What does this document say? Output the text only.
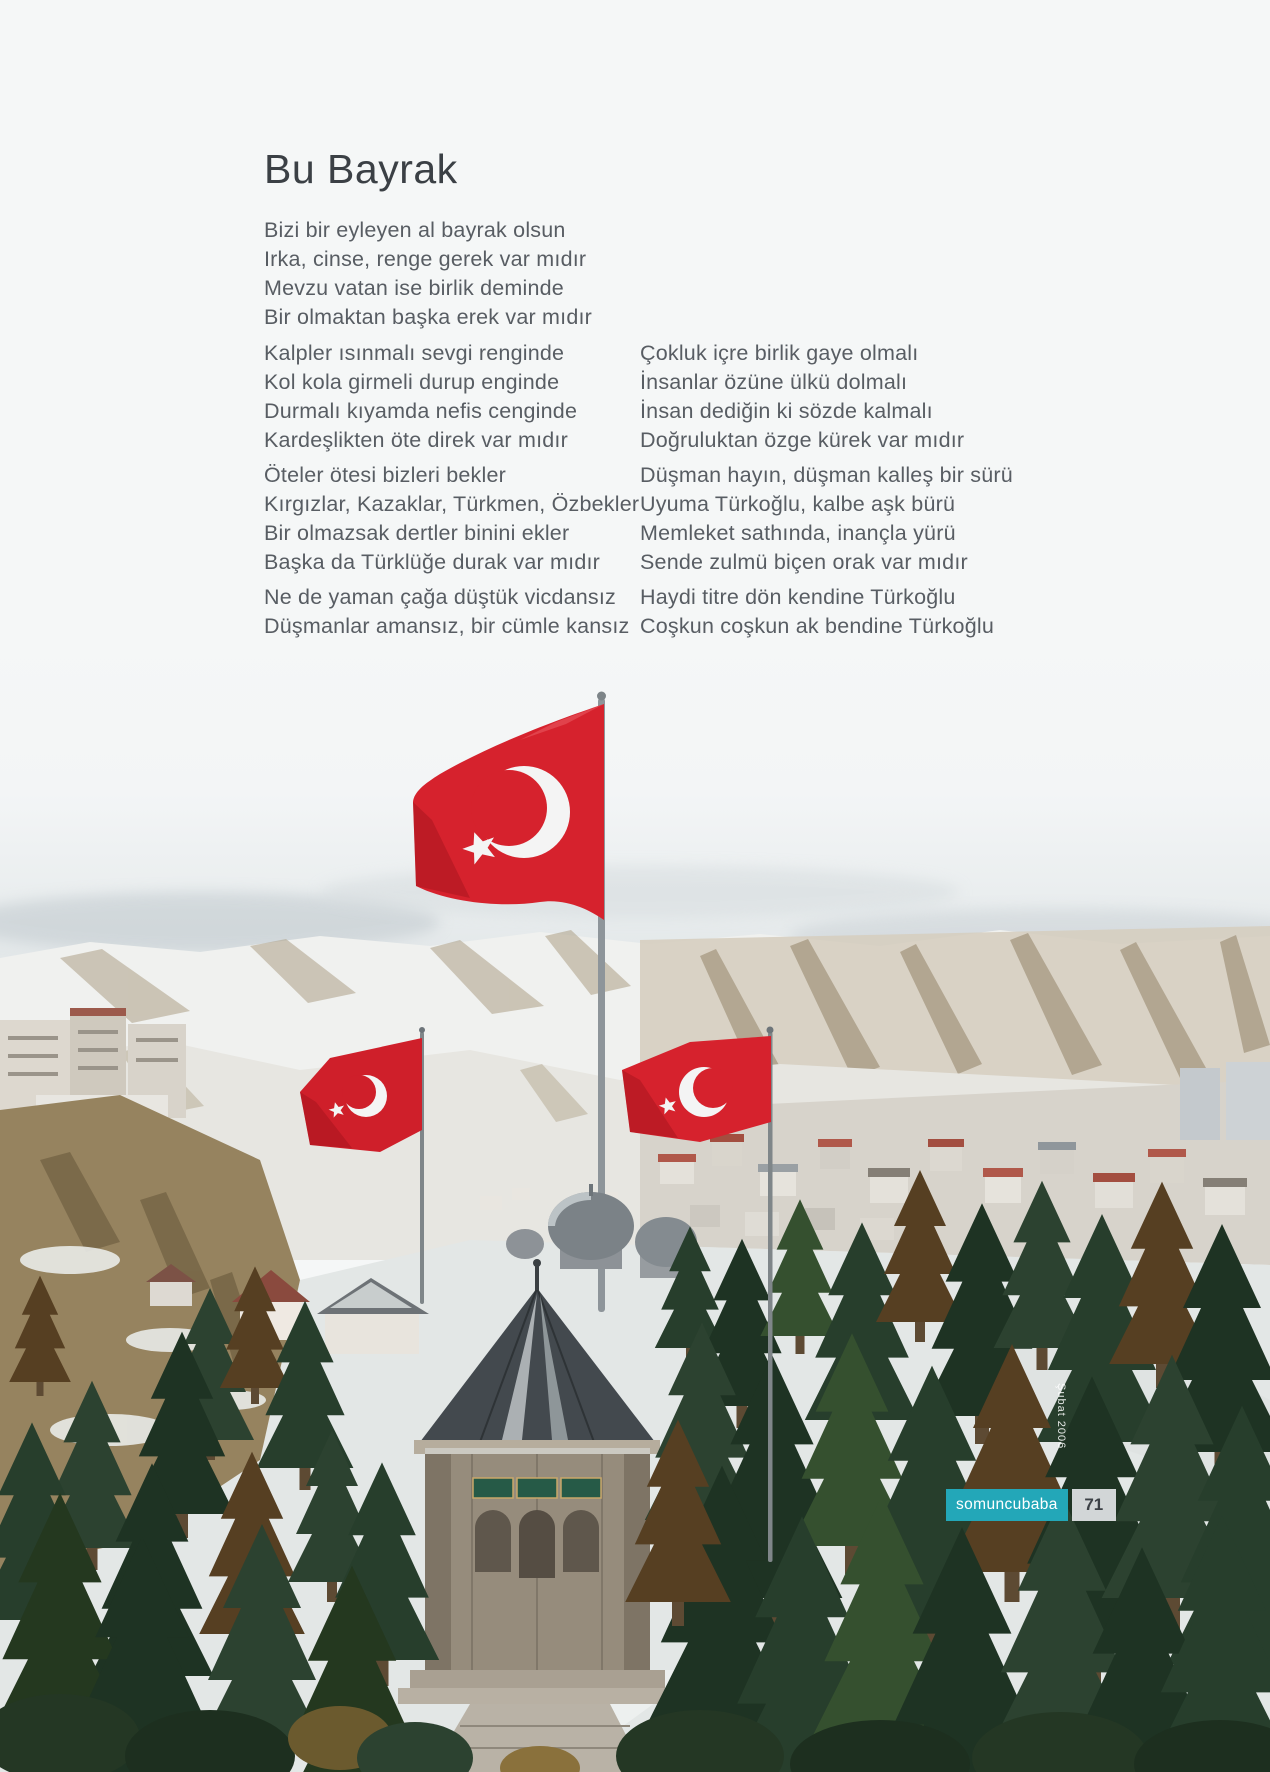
Bu Bayrak
Bizi bir eyleyen al bayrak olsun
Irka, cinse, renge gerek var mıdır
Mevzu vatan ise birlik deminde
Bir olmaktan başka erek var mıdır
Kalpler ısınmalı sevgi renginde
Kol kola girmeli durup enginde
Durmalı kıyamda nefis cenginde
Kardeşlikten öte direk var mıdır
Öteler ötesi bizleri bekler
Kırgızlar, Kazaklar, Türkmen, Özbekler
Bir olmazsak dertler binini ekler
Başka da Türklüğe durak var mıdır
Ne de yaman çağa düştük vicdansız
Düşmanlar amansız, bir cümle kansız
Çokluk içre birlik gaye olmalı
İnsanlar özüne ülkü dolmalı
İnsan dediğin ki sözde kalmalı
Doğruluktan özge kürek var mıdır
Düşman hayın, düşman kalleş bir sürü
Uyuma Türkoğlu, kalbe aşk bürü
Memleket sathında, inançla yürü
Sende zulmü biçen orak var mıdır
Haydi titre dön kendine Türkoğlu
Coşkun coşkun ak bendine Türkoğlu
Şubat 2006
somuncubaba	71
